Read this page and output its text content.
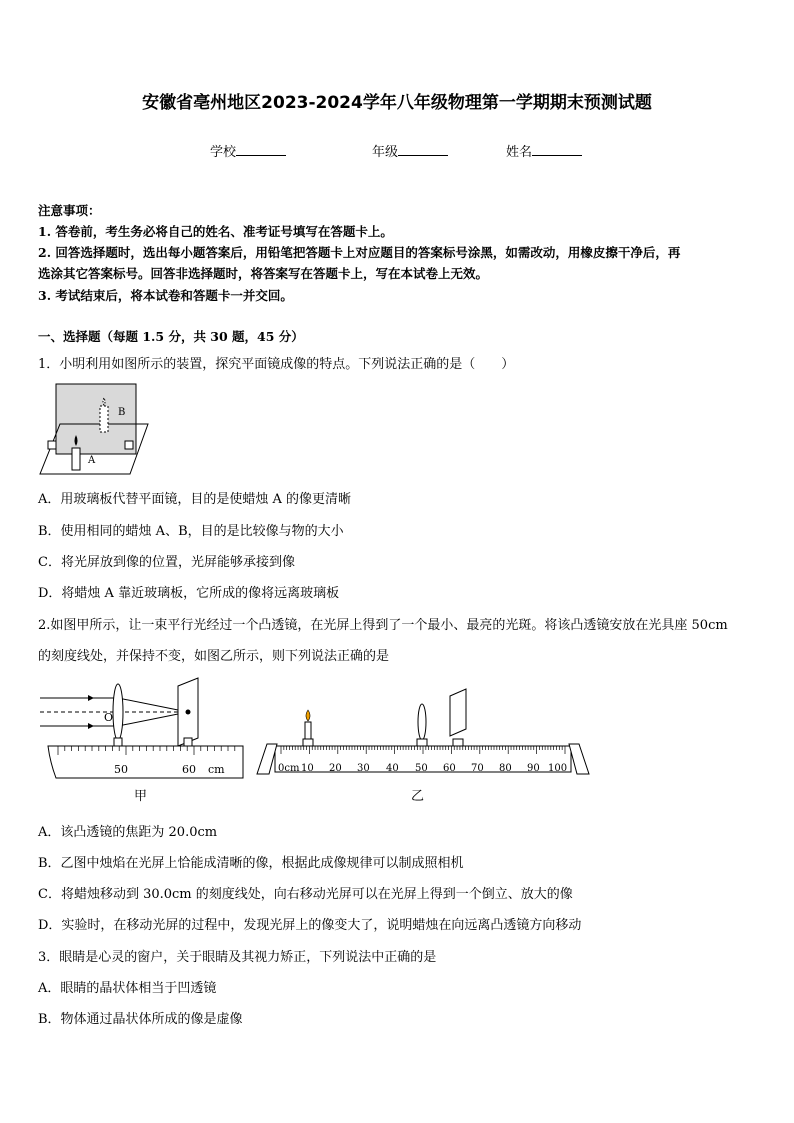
安徽省亳州地区2023-2024学年八年级物理第一学期期末预测试题
学校	年级	姓名
注意事项：
1. 答卷前，考生务必将自己的姓名、准考证号填写在答题卡上。
2. 回答选择题时，选出每小题答案后，用铅笔把答题卡上对应题目的答案标号涂黑，如需改动，用橡皮擦干净后，再
选涂其它答案标号。回答非选择题时，将答案写在答题卡上，写在本试卷上无效。
3. 考试结束后，将本试卷和答题卡一并交回。
一、选择题（每题 1.5 分，共 30 题，45 分）
1．小明利用如图所示的装置，探究平面镜成像的特点。下列说法正确的是（　　）
B
A
A．用玻璃板代替平面镜，目的是使蜡烛 A 的像更清晰
B．使用相同的蜡烛 A、B，目的是比较像与物的大小
C．将光屏放到像的位置，光屏能够承接到像
D．将蜡烛 A 靠近玻璃板，它所成的像将远离玻璃板
2.如图甲所示，让一束平行光经过一个凸透镜，在光屏上得到了一个最小、最亮的光斑。将该凸透镜安放在光具座 50cm
的刻度线处，并保持不变，如图乙所示，则下列说法正确的是
O
50	60 cm
甲
0cm 10 20 30 40 50 60 70 80 90 100
乙
A．该凸透镜的焦距为 20.0cm
B．乙图中烛焰在光屏上恰能成清晰的像，根据此成像规律可以制成照相机
C．将蜡烛移动到 30.0cm 的刻度线处，向右移动光屏可以在光屏上得到一个倒立、放大的像
D．实验时，在移动光屏的过程中，发现光屏上的像变大了，说明蜡烛在向远离凸透镜方向移动
3．眼睛是心灵的窗户，关于眼睛及其视力矫正，下列说法中正确的是
A．眼睛的晶状体相当于凹透镜
B．物体通过晶状体所成的像是虚像
